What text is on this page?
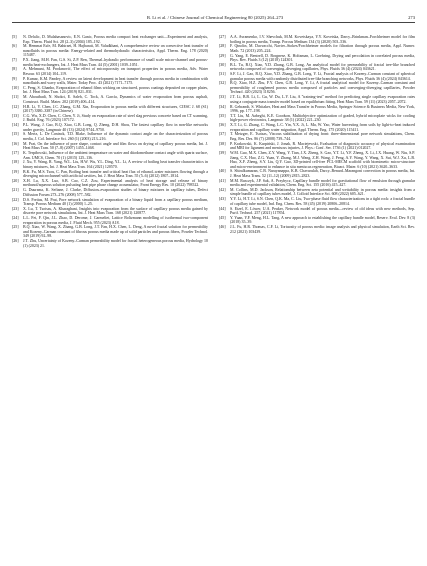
B. Li et al. / Chinese Journal of Chemical Engineering 80 (2025) 264–273	273
[5]	N. Delalic, D. Mulahasanovic, E.N. Ganic, Porous media compact heat exchanger unit—Experiment and analysis, Exp. Therm. Fluid Sci. 28 (2–3) (2004) 185–192.
[6]	M. Hemmat Esfe, M. Bahiraei, H. Hajbarati, M. Valadkhani, A comprehensive review on convective heat transfer of nanofluids in porous media: Energy-related and thermohydraulic characteristics, Appl. Therm. Eng. 178 (2020) 115487.
[7]	P.X. Jiang, M.H. Fan, G.S. Si, Z.P. Ren, Thermal–hydraulic performance of small scale micro-channel and porous-media heat-exchangers, Int. J. Heat Mass Tran. 44 (5) (2001) 1039–1051.
[8]	A. Mehmani, M. Prodanović, The effect of microporosity on transport properties in porous media, Adv. Water Resour. 63 (2014) 104–119.
[9]	P. Kumar, K.M. Pandey, A review on latent development in heat transfer through porous media in combination with nanofluids and wavy walls, Mater. Today Proc. 43 (2021) 7171–7175.
[10]	C. Peng, S. Ghanbo, Evaporation of ethanol films wicking on structured, porous coatings deposited on copper plates, Int. J. Heat Mass Tran. 124 (2019) 821–831.
[11]	M. Aboutbadi, N. Shokri, E. Saleh, C. Tock, A. García, Dynamics of water evaporation from porous asphalt, Construct. Build. Mater. 202 (2019) 406–414.
[12]	H.R. Li, Y. Chen, J.C. Zhang, G.M. Xin, Evaporation in porous media with different structures, CIESC J. 68 (S1) (2017) 3380–3387 (in Chinese).
[13]	C.G. Wu, X.D. Chen, C. Chen, Y. Ji, Study on evaporation rate of steel slag pervious concrete based on CT scanning, J. Build. Eng. 76 (2023) 107172.
[14]	P.L. Wang, J. Gao, B.Q. Xiao, G.B. Long, Q. Zheng, D.H. Shou, The fastest capillary flow in non-like networks under gravity, Langmuir 40 (13) (2024) 9744–9750.
[15]	S. Mertz, L. De Coninck, T.D. Blake, Influence of the dynamic contact angle on the characterization of porous media, J. Col. Interface Sci. 260 (1) (2003) 213–216.
[16]	M. Prat, On the influence of pore shape, contact angle and film flows on drying of capillary porous media, Int. J. Heat Mass Tran. 50 (7–8) (2007) 1455–1468.
[17]	K. Terpiłowski, Influence of the ambient temperature on water and diiodomethane contact angle with quartz surface, Ann. UMCS, Chem. 70 (1) (2015) 125–136.
[18]	J. Xu, Y. Wang, R. Yang, W.L. Liu, H.W. Wu, Y.L. Ding, Y.L. Li, A review of boiling heat transfer characteristics in binary mixtures, Int. J. Heat Mass Tran. 164 (2021) 120570.
[19]	B.K. Fu, M.S. Tsou, C. Pan, Boiling heat transfer and critical heat flux of ethanol–water mixtures flowing through a diverging microchannel with artificial cavities, Int. J. Heat Mass Tran. 55 (5–6) (2012) 1807–1814.
[20]	X.H. Lu, X.X. Luo, S.B. Cao, C.Z. Zou, Experimental analysis of heat storage and release of binary methanol/aqueous solution pulsating heat pipe phase change accumulator, Front Energy Res. 10 (2022) 798522.
[21]	G. Duursma, K. Sefiane, J. Clarke, Diffusion–evaporation studies of binary mixtures in capillary tubes, Defect Diffusion Forum 273–276 (2008) 577–582.
[22]	D.S. Freitas, M. Prat, Pore network simulation of evaporation of a binary liquid from a capillary porous medium, Transp. Porous Medium 40 (1) (2000) 1–25.
[23]	X. Lu, T. Tsotsas, A. Kharaghani, Insights into evaporation from the surface of capillary porous media gained by discrete pore network simulations, Int. J. Heat Mass Tran. 168 (2021) 120877.
[24]	L.L. Fei, F. Qin, J.L. Zhao, D. Derome, J. Carmeliet, Lattice Boltzmann modelling of isothermal two-component evaporation in porous media, J. Fluid Mech. 955 (2023) A18.
[25]	B.Q. Xiao, W. Wang, X. Zhang, G.B. Long, J.T. Fan, H.X. Chen, L. Deng, A novel fractal solution for permeability and Kozeny–Carman constant of fibrous porous media made up of solid particles and porous fibers, Powder Technol. 349 (2019) 92–98.
[26]	J.T. Zhu, Uncertainty of Kozeny–Carman permeability model for fractal heterogeneous porous media, Hydrology 10 (1) (2023) 21.
[27]	A.A. Avramenko, I.V. Shevchuk, M.M. Kovetskaya, Y.Y. Kovetska, Darcy–Brinkman–Forchheimer model for film boiling in porous media, Transp. Porous Medium 134 (3) (2020) 503–536.
[28]	F. Qinolin, M. Dacvacchi, Navier–Stokes/Forchheimer models for filtration through porous media, Appl. Numer. Math. 72 (2013) 205–224.
[29]	G. Yang, E. Bentrell, D. Borgnese, K. Holtzman, L. Goehring, Drying and percolation in correlated porous media, Phys. Rev. Fluids 3 (12) (2018) 124301.
[30]	B.L. Tu, B.Q. Xiao, Y.D. Zhang, G.B. Long, An analytical model for permeability of fractal tree-like branched networks composed of converging–diverging capillaries, Phys. Fluids 36 (4) (2024) 043621.
[31]	S.F. Li, J. Gao, B.Q. Xiao, Y.D. Zhang, G.B. Long, Y. Li, Fractal analysis of Kozeny–Carman constant of spherical granular porous media with randomly distributed tree-like branching networks, Phys. Fluids 36 (4) (2024) 043614.
[32]	B.Q. Xiao, H.Z. Zhu, F.Y. Chen, G.B. Long, Y. Li, A fractal analytical model for Kozeny–Carman constant and permeability of roughened porous media composed of particles and converging-diverging capillaries, Powder Technol. 420 (2023) 118256.
[33]	J.T. Li, B.B. Li, L. Gu, W. Du, L.Y. Liu, A "training-test" method for predicting single capillary evaporation rates using a conjugate mass transfer model based on equilibrium fitting, Heat Mass Tran. 59 (11) (2023) 2057–2072.
[34]	R. Gebrandt, S. Whitaker, Heat and Mass Transfer in Porous Media, Springer Science & Business Media, New York, 1996, pp. 177–198.
[35]	T.T. Liu, M. Aabeghi, K.E. Goodson, Multiobjective optimization of graded, hybrid microplate wicks for cooling high-power electronics, Langmuir 38 (1) (2022) 221–230.
[36]	X.T. Li, G. Zhang, C. Wang, L.C. Yin, Y.X. Ji, L. Ma, W. Yao, Water harvesting from soils by light-to-heat induced evaporation and capillary water migration, Appl. Therm. Eng. 175 (2020) 115411.
[37]	T. Metzger, E. Tsotsas, Viscous stabilization of drying front: three-dimensional pore network simulations, Chem. Eng. Res. Des. 86 (7) (2008) 739–744.
[38]	P. Krakowski, K. Karpiński, J. Jonak, R. Maciejewski, Evaluation of diagnostic accuracy of physical examination and MRI for ligament and meniscus injuries, J. Phys.: Conf. Ser. 1736 (1) (2021) 012027.
[39]	W.M. Guo, M.X. Chen, Z.Y. Wang, Y. Tian, J.X. Zheng, S. Gao, Y.T. Li, Y.F. Zheng, X. Li, J.X. Huang, W. Niu, S.P. Jiang, C.X. Hao, Z.G. Yuan, Y. Zhang, M.J. Wang, Z.H. Wang, J. Peng, A.Y. Wang, Y. Wang, X. Sui, W.J. Xu, L.B. Hao, X.F. Zheng, S.Y. Liu, Q.Y. Guo, 3D-printed cell-free PCL-MECM scaffold with biomimetic micro-structure and micro-environment to enhance in situ meniscus regeneration, Bioact. Mater. 6 (10) (2021) 3620–3633.
[40]	S. Shiralkumaran, C.B. Narayanappa, K.B. Chavarulah, Darcy–Benard–Marangoni convection in porous media, Int. J. Heat Mass Trans. 52 (11–12) (2009) 2815–2823.
[41]	M.M. Rusczyk, J.P. Sak, A. Przybycz, Capillary bundle model for gravitational flow of emulsion through granular media and experimental validation, Chem. Eng. Sci. 155 (2016) 415–427.
[42]	M. Collins, M.D. Jackson, Relationship between zeta potential and wettability in porous media: insights from a simple bundle of capillary tubes model, J. Colloid Interface Sci. 608 (2022) 605–621.
[43]	Y.Y. Li, H.T. Li, S.N. Chen, Q.K. Ma, C. Liu, Two-phase fluid flow characterizations in a tight rock: a fractal bundle of capillary tube model, Ind. Eng. Chem. Res. 58 (45) (2019) 20806–20814.
[44]	S. Etzel, E. Löwer, U.A. Peuker, Network model of porous media—review of old ideas with new methods, Sep. Purif. Technol. 257 (2021) 117854.
[45]	Y. Yuan, Y.F. Meng, H.L. Tang, A new approach to establishing the capillary bundle model, Reserv. Eval. Dev. 8 (3) (2018) 35–39.
[46]	J.L. Fu, H.R. Thomas, C.F. Li, Tortuosity of porous media: image analysis and physical simulation, Earth Sci. Rev. 212 (2021) 103439.
